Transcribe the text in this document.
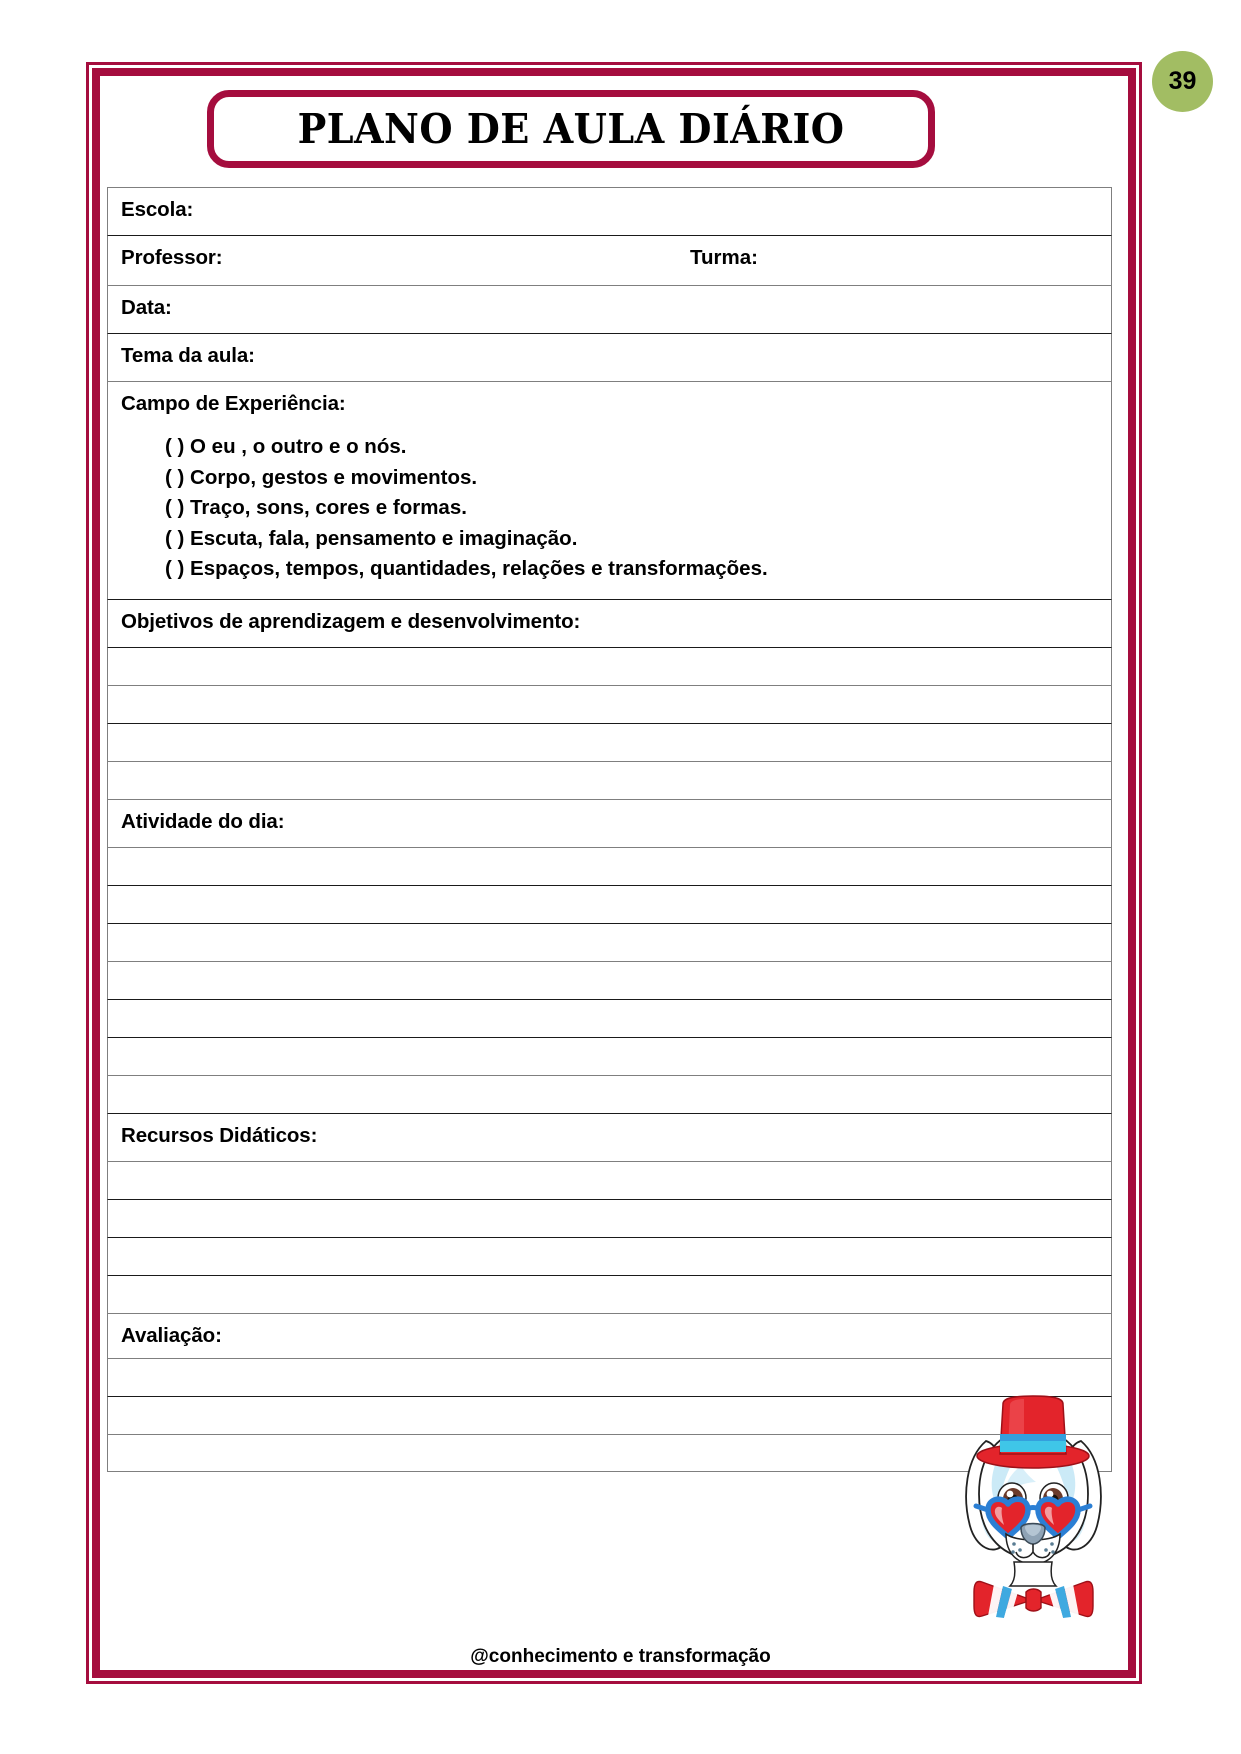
39
PLANO DE AULA DIÁRIO
Escola:
Professor:	Turma:
Data:
Tema da aula:
Campo de Experiência:
( ) O eu , o outro e o nós.
( ) Corpo, gestos e movimentos.
( ) Traço, sons, cores e formas.
( ) Escuta, fala, pensamento e imaginação.
( ) Espaços, tempos, quantidades, relações e transformações.
Objetivos de aprendizagem e desenvolvimento:
Atividade do dia:
Recursos Didáticos:
Avaliação:
@conhecimento e transformação
